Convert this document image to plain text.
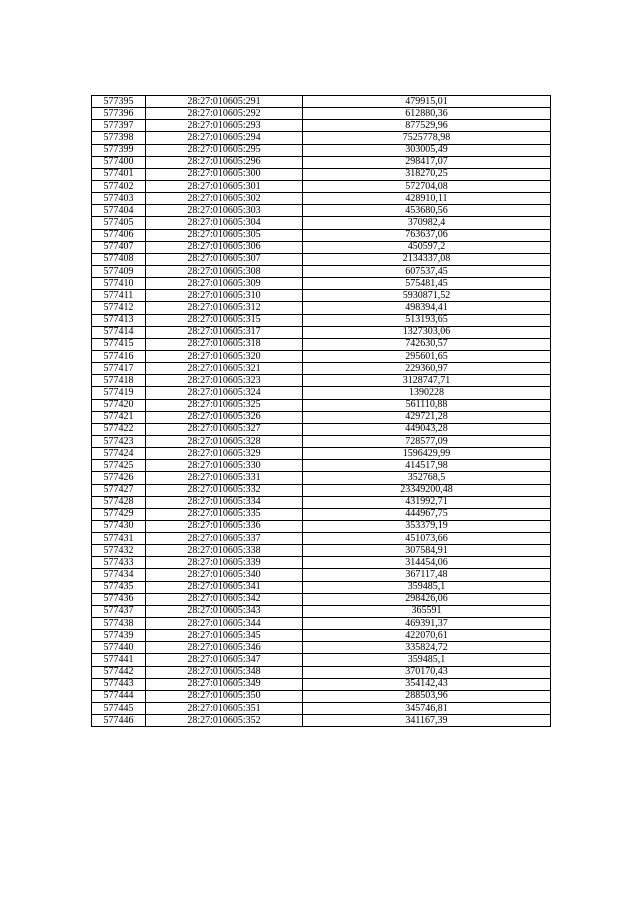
577395	28:27:010605:291	479915,01
577396	28:27:010605:292	612880,36
577397	28:27:010605:293	877529,96
577398	28:27:010605:294	7525778,98
577399	28:27:010605:295	303005,49
577400	28:27:010605:296	298417,07
577401	28:27:010605:300	318270,25
577402	28:27:010605:301	572704,08
577403	28:27:010605:302	428910,11
577404	28:27:010605:303	453680,56
577405	28:27:010605:304	370982,4
577406	28:27:010605:305	763637,06
577407	28:27:010605:306	450597,2
577408	28:27:010605:307	2134337,08
577409	28:27:010605:308	607537,45
577410	28:27:010605:309	575481,45
577411	28:27:010605:310	5930871,52
577412	28:27:010605:312	498394,41
577413	28:27:010605:315	513193,65
577414	28:27:010605:317	1327303,06
577415	28:27:010605:318	742630,57
577416	28:27:010605:320	295601,65
577417	28:27:010605:321	229360,97
577418	28:27:010605:323	3128747,71
577419	28:27:010605:324	1390228
577420	28:27:010605:325	561110,88
577421	28:27:010605:326	429721,28
577422	28:27:010605:327	449043,28
577423	28:27:010605:328	728577,09
577424	28:27:010605:329	1596429,99
577425	28:27:010605:330	414517,98
577426	28:27:010605:331	352768,5
577427	28:27:010605:332	23349200,48
577428	28:27:010605:334	431992,71
577429	28:27:010605:335	444967,75
577430	28:27:010605:336	353379,19
577431	28:27:010605:337	451073,66
577432	28:27:010605:338	307584,91
577433	28:27:010605:339	314454,06
577434	28:27:010605:340	367117,48
577435	28:27:010605:341	359485,1
577436	28:27:010605:342	298426,06
577437	28:27:010605:343	365591
577438	28:27:010605:344	469391,37
577439	28:27:010605:345	422070,61
577440	28:27:010605:346	335824,72
577441	28:27:010605:347	359485,1
577442	28:27:010605:348	370170,43
577443	28:27:010605:349	354142,43
577444	28:27:010605:350	288503,96
577445	28:27:010605:351	345746,81
577446	28:27:010605:352	341167,39
